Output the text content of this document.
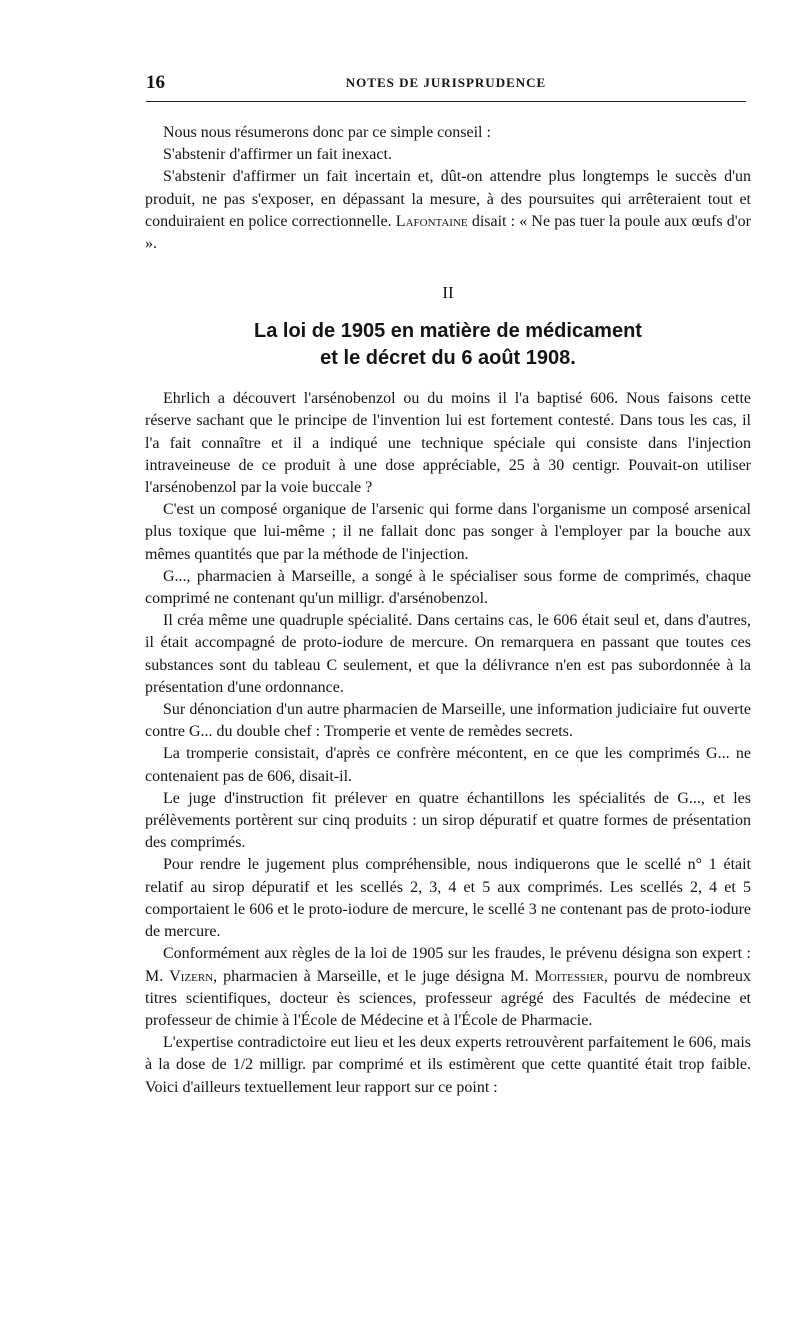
16	NOTES DE JURISPRUDENCE

Nous nous résumerons donc par ce simple conseil :

S'abstenir d'affirmer un fait inexact.

S'abstenir d'affirmer un fait incertain et, dût-on attendre plus longtemps le succès d'un produit, ne pas s'exposer, en dépassant la mesure, à des poursuites qui arrêteraient tout et conduiraient en police correctionnelle. Lafontaine disait : « Ne pas tuer la poule aux œufs d'or ».

II
La loi de 1905 en matière de médicament
et le décret du 6 août 1908.

Ehrlich a découvert l'arsénobenzol ou du moins il l'a baptisé 606. Nous faisons cette réserve sachant que le principe de l'invention lui est fortement contesté. Dans tous les cas, il l'a fait connaître et il a indiqué une technique spéciale qui consiste dans l'injection intraveineuse de ce produit à une dose appréciable, 25 à 30 centigr. Pouvait-on utiliser l'arsénobenzol par la voie buccale ?

C'est un composé organique de l'arsenic qui forme dans l'organisme un composé arsenical plus toxique que lui-même ; il ne fallait donc pas songer à l'employer par la bouche aux mêmes quantités que par la méthode de l'injection.

G..., pharmacien à Marseille, a songé à le spécialiser sous forme de comprimés, chaque comprimé ne contenant qu'un milligr. d'arsénobenzol.

Il créa même une quadruple spécialité. Dans certains cas, le 606 était seul et, dans d'autres, il était accompagné de proto-iodure de mercure. On remarquera en passant que toutes ces substances sont du tableau C seulement, et que la délivrance n'en est pas subordonnée à la présentation d'une ordonnance.

Sur dénonciation d'un autre pharmacien de Marseille, une information judiciaire fut ouverte contre G... du double chef : Tromperie et vente de remèdes secrets.

La tromperie consistait, d'après ce confrère mécontent, en ce que les comprimés G... ne contenaient pas de 606, disait-il.

Le juge d'instruction fit prélever en quatre échantillons les spécialités de G..., et les prélèvements portèrent sur cinq produits : un sirop dépuratif et quatre formes de présentation des comprimés.

Pour rendre le jugement plus compréhensible, nous indiquerons que le scellé n° 1 était relatif au sirop dépuratif et les scellés 2, 3, 4 et 5 aux comprimés. Les scellés 2, 4 et 5 comportaient le 606 et le proto-iodure de mercure, le scellé 3 ne contenant pas de proto-iodure de mercure.

Conformément aux règles de la loi de 1905 sur les fraudes, le prévenu désigna son expert : M. Vizern, pharmacien à Marseille, et le juge désigna M. Moitessier, pourvu de nombreux titres scientifiques, docteur ès sciences, professeur agrégé des Facultés de médecine et professeur de chimie à l'École de Médecine et à l'École de Pharmacie.

L'expertise contradictoire eut lieu et les deux experts retrouvèrent parfaitement le 606, mais à la dose de 1/2 milligr. par comprimé et ils estimèrent que cette quantité était trop faible. Voici d'ailleurs textuellement leur rapport sur ce point :
